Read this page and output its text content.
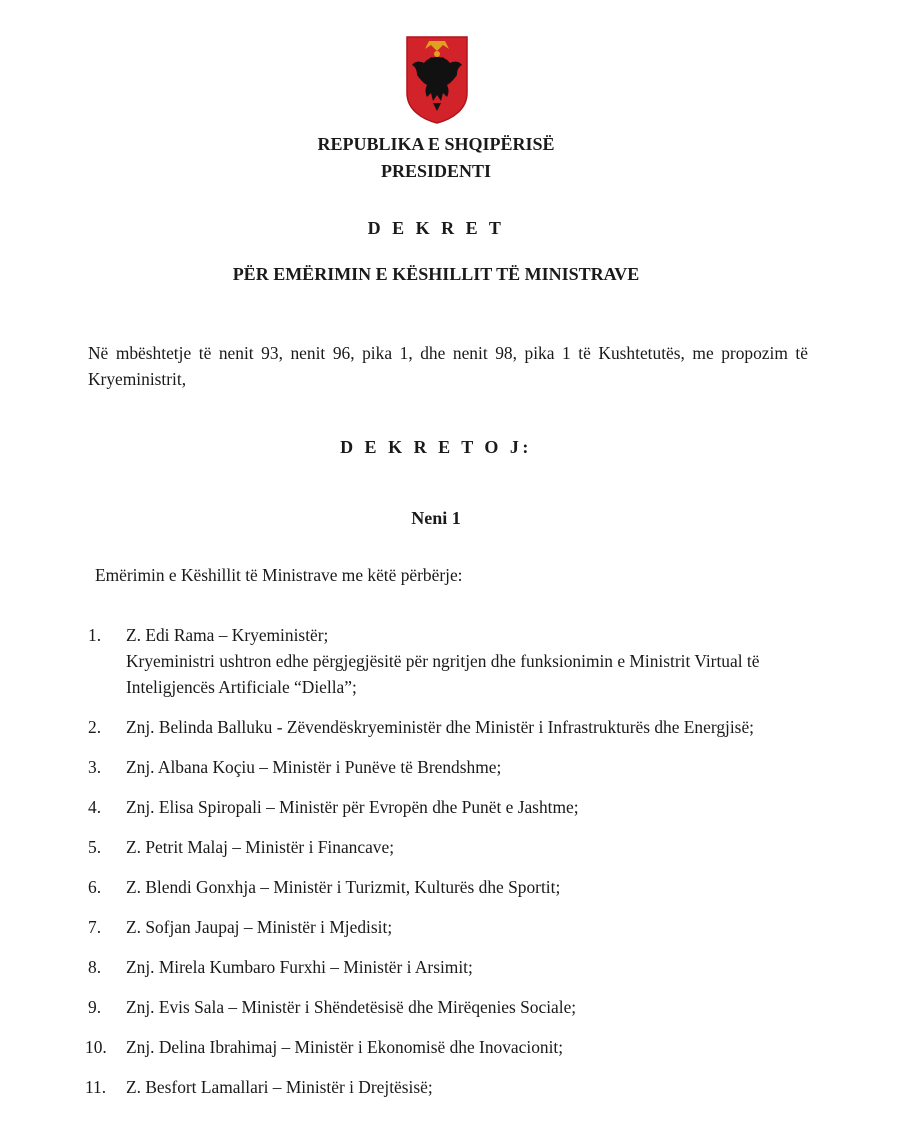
REPUBLIKA E SHQIPËRISË
PRESIDENTI
D E K R E T
PËR EMËRIMIN E KËSHILLIT TË MINISTRAVE
Në mbështetje të nenit 93, nenit 96, pika 1, dhe nenit 98, pika 1 të Kushtetutës, me propozim të Kryeministrit,
D E K R E T O J:
Neni 1
Emërimin e Këshillit të Ministrave me këtë përbërje:
1.	Z. Edi Rama – Kryeministër;
Kryeministri ushtron edhe përgjegjësitë për ngritjen dhe funksionimin e Ministrit Virtual të Inteligjencës Artificiale “Diella”;
2.	Znj. Belinda Balluku - Zëvendëskryeministër dhe Ministër i Infrastrukturës dhe Energjisë;
3.	Znj. Albana Koçiu – Ministër i Punëve të Brendshme;
4.	Znj. Elisa Spiropali – Ministër për Evropën dhe Punët e Jashtme;
5.	Z. Petrit Malaj – Ministër i Financave;
6.	Z. Blendi Gonxhja – Ministër i Turizmit, Kulturës dhe Sportit;
7.	Z. Sofjan Jaupaj – Ministër i Mjedisit;
8.	Znj. Mirela Kumbaro Furxhi – Ministër i Arsimit;
9.	Znj. Evis Sala – Ministër i Shëndetësisë dhe Mirëqenies Sociale;
10.	Znj. Delina Ibrahimaj – Ministër i Ekonomisë dhe Inovacionit;
11.	Z. Besfort Lamallari – Ministër i Drejtësisë;
